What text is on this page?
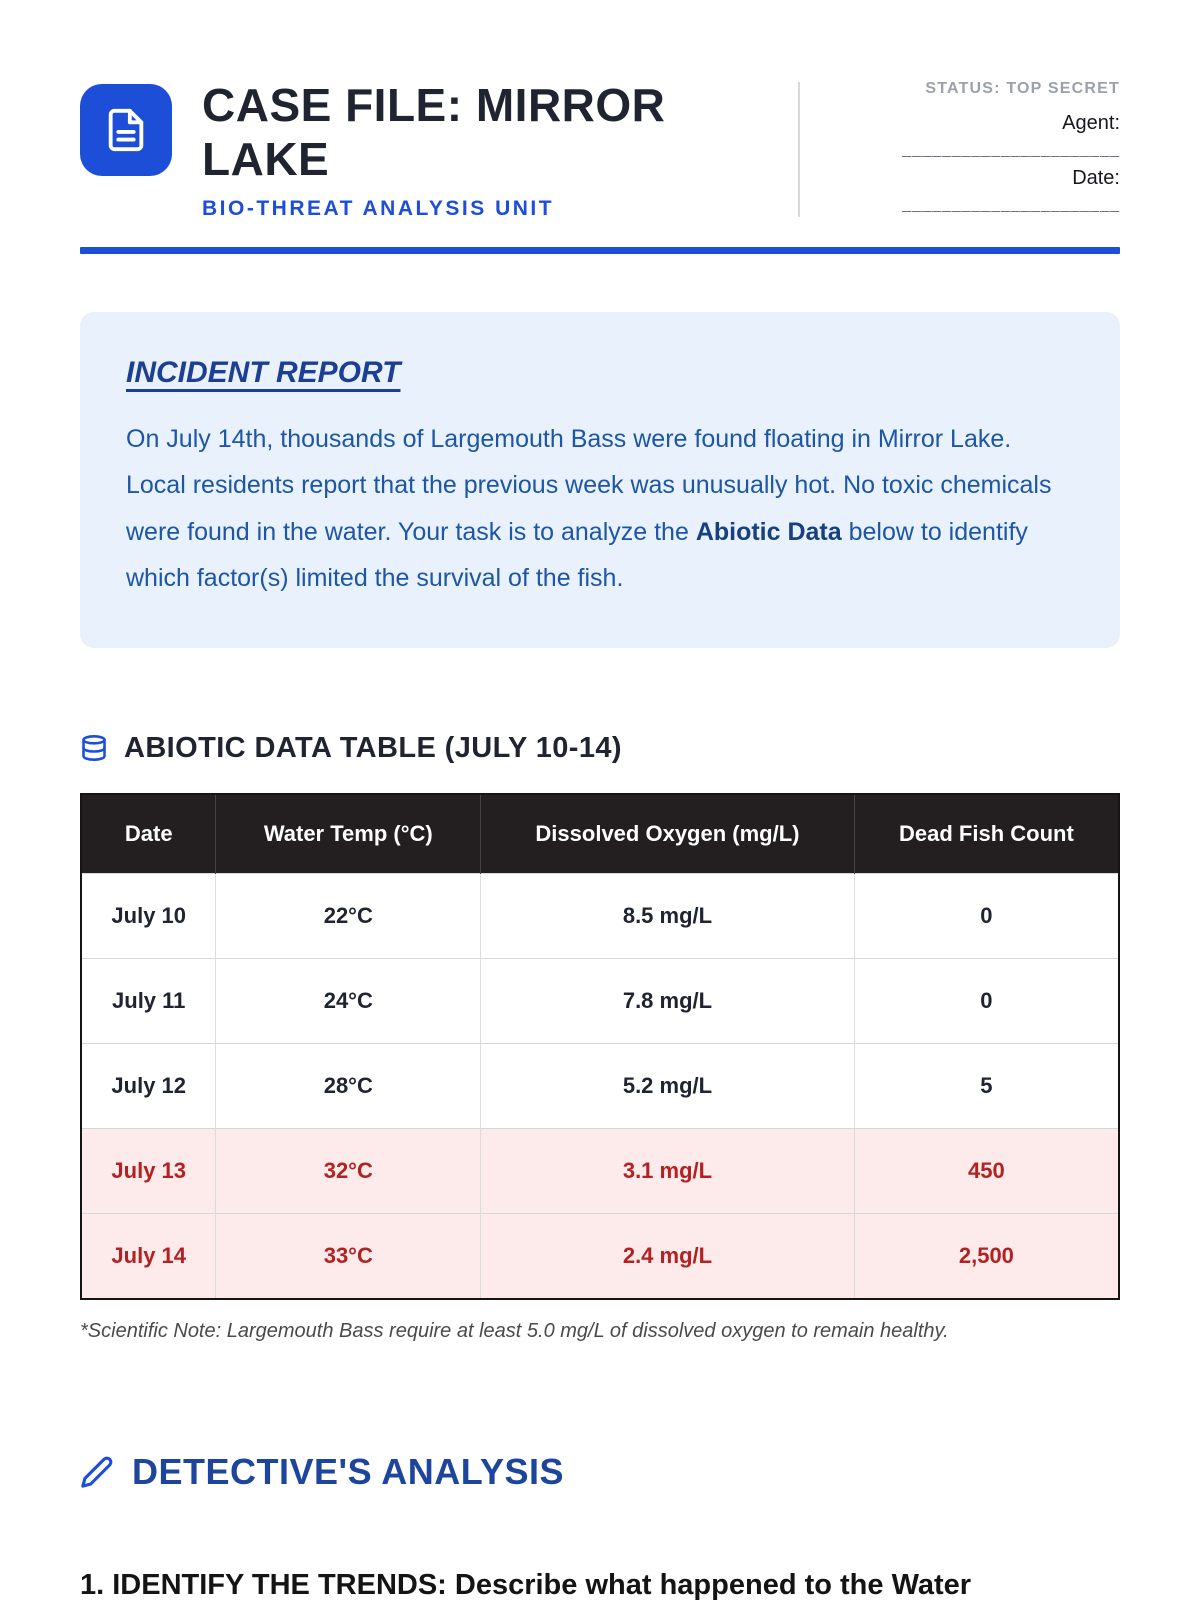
CASE FILE: MIRROR LAKE
BIO-THREAT ANALYSIS UNIT
STATUS: TOP SECRET
Agent:
______________________
Date:
______________________
INCIDENT REPORT
On July 14th, thousands of Largemouth Bass were found floating in Mirror Lake. Local residents report that the previous week was unusually hot. No toxic chemicals were found in the water. Your task is to analyze the Abiotic Data below to identify which factor(s) limited the survival of the fish.
ABIOTIC DATA TABLE (JULY 10-14)
Date	Water Temp (°C)	Dissolved Oxygen (mg/L)	Dead Fish Count
July 10	22°C	8.5 mg/L	0
July 11	24°C	7.8 mg/L	0
July 12	28°C	5.2 mg/L	5
July 13	32°C	3.1 mg/L	450
July 14	33°C	2.4 mg/L	2,500
*Scientific Note: Largemouth Bass require at least 5.0 mg/L of dissolved oxygen to remain healthy.
DETECTIVE'S ANALYSIS
1. IDENTIFY THE TRENDS: Describe what happened to the Water
